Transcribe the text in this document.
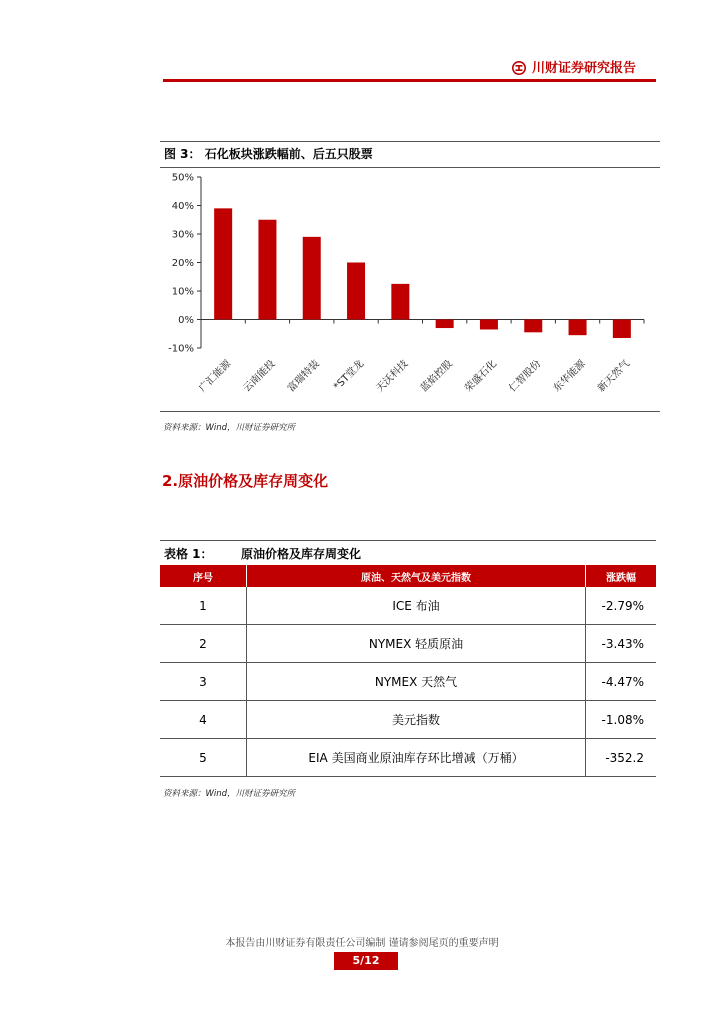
川财证券研究报告
图 3： 石化板块涨跌幅前、后五只股票
50%
40%
30%
20%
10%
0%
-10%
广汇能源 云南能投 富瑞特装 *ST堂龙 天沃科技 蓝焰控股 荣盛石化 仁智股份 东华能源 新天然气
资料来源：Wind，川财证券研究所
2.原油价格及库存周变化
表格 1： 原油价格及库存周变化
序号	原油、天然气及美元指数	涨跌幅
1	ICE 布油	-2.79%
2	NYMEX 轻质原油	-3.43%
3	NYMEX 天然气	-4.47%
4	美元指数	-1.08%
5	EIA 美国商业原油库存环比增减（万桶）	-352.2
资料来源：Wind，川财证券研究所
本报告由川财证券有限责任公司编制 谨请参阅尾页的重要声明
5/12
